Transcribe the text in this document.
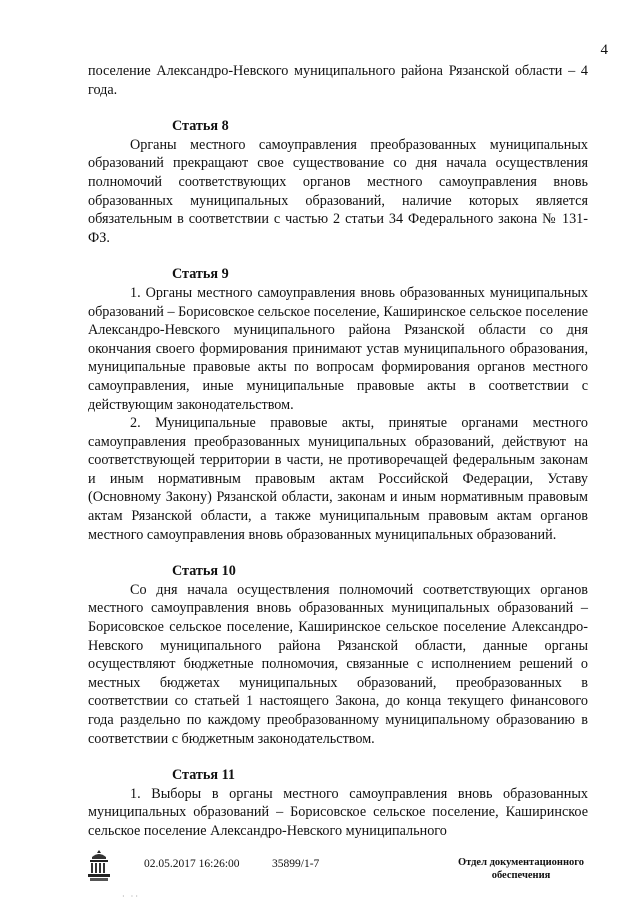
4

поселение Александро-Невского муниципального района Рязанской области – 4 года.

Статья 8

Органы местного самоуправления преобразованных муниципальных образований прекращают свое существование со дня начала осуществления полномочий соответствующих органов местного самоуправления вновь образованных муниципальных образований, наличие которых является обязательным в соответствии с частью 2 статьи 34 Федерального закона № 131-ФЗ.

Статья 9

1. Органы местного самоуправления вновь образованных муниципальных образований – Борисовское сельское поселение, Каширинское сельское поселение Александро-Невского муниципального района Рязанской области со дня окончания своего формирования принимают устав муниципального образования, муниципальные правовые акты по вопросам формирования органов местного самоуправления, иные муниципальные правовые акты в соответствии с действующим законодательством.

2. Муниципальные правовые акты, принятые органами местного самоуправления преобразованных муниципальных образований, действуют на соответствующей территории в части, не противоречащей федеральным законам и иным нормативным правовым актам Российской Федерации, Уставу (Основному Закону) Рязанской области, законам и иным нормативным правовым актам Рязанской области, а также муниципальным правовым актам органов местного самоуправления вновь образованных муниципальных образований.

Статья 10

Со дня начала осуществления полномочий соответствующих органов местного самоуправления вновь образованных муниципальных образований – Борисовское сельское поселение, Каширинское сельское поселение Александро-Невского муниципального района Рязанской области, данные органы осуществляют бюджетные полномочия, связанные с исполнением решений о местных бюджетах муниципальных образований, преобразованных в соответствии со статьей 1 настоящего Закона, до конца текущего финансового года раздельно по каждому преобразованному муниципальному образованию в соответствии с бюджетным законодательством.

Статья 11

1. Выборы в органы местного самоуправления вновь образованных муниципальных образований – Борисовское сельское поселение, Каширинское сельское поселение Александро-Невского муниципального

02.05.2017 16:26:00	35899/1-7	Отдел документационного
обеспечения
· ··
